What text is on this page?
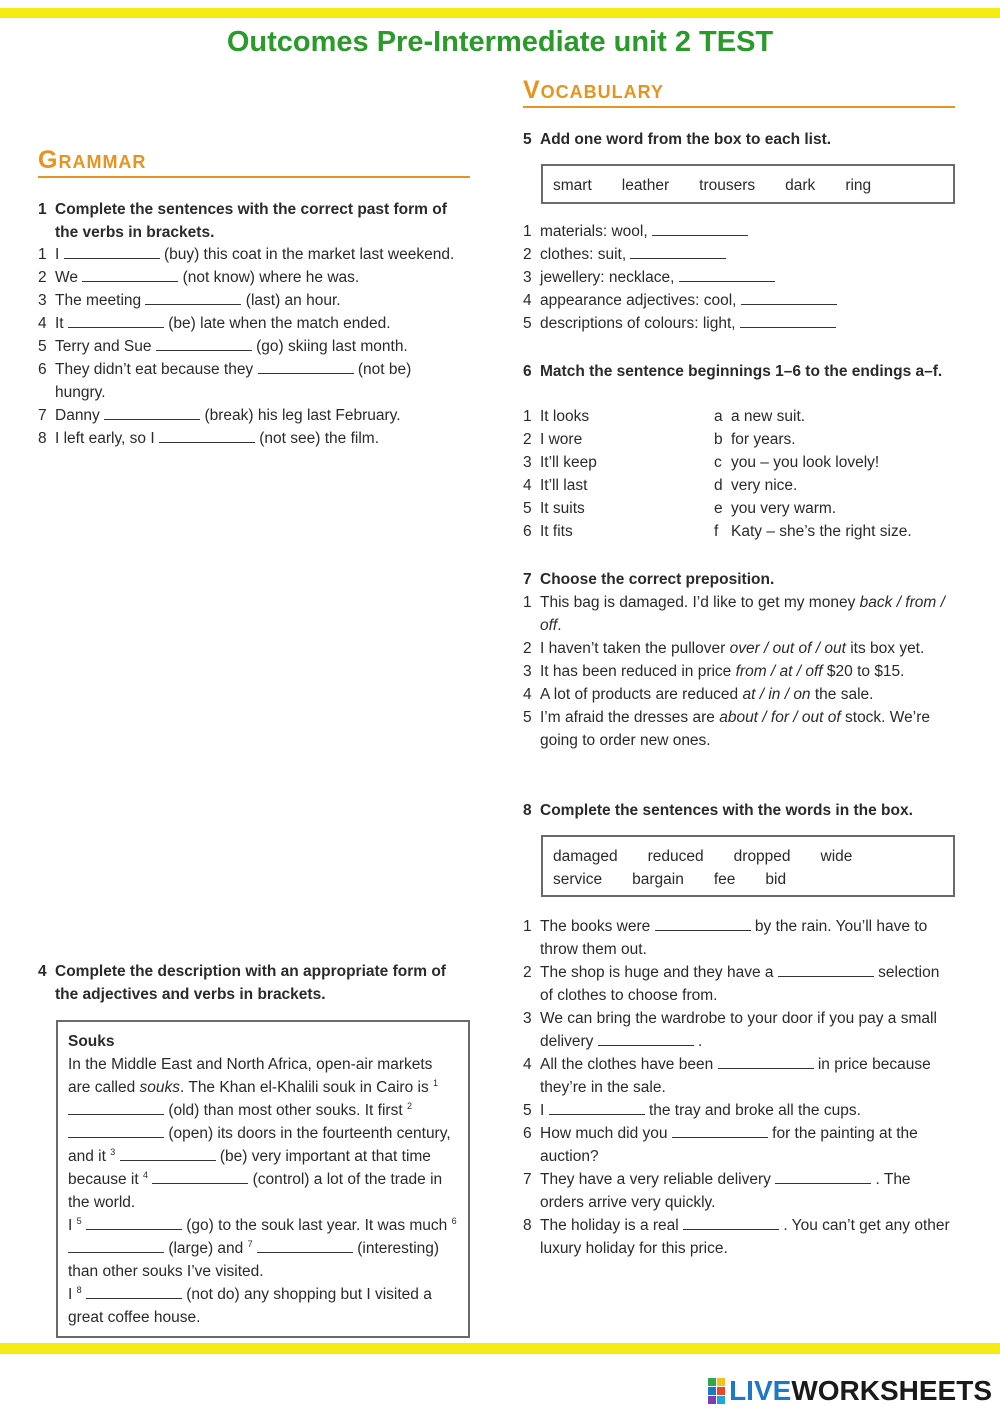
Outcomes Pre-Intermediate unit 2 TEST
Grammar
1 Complete the sentences with the correct past form of the verbs in brackets.
1 I	(buy) this coat in the market last weekend.
2 We	(not know) where he was.
3 The meeting	(last) an hour.
4 It	(be) late when the match ended.
5 Terry and Sue	(go) skiing last month.
6 They didn’t eat because they	(not be) hungry.
7 Danny	(break) his leg last February.
8 I left early, so I	(not see) the film.
4 Complete the description with an appropriate form of the adjectives and verbs in brackets.
Souks
In the Middle East and North Africa, open-air markets are called souks. The Khan el-Khalili souk in Cairo is $^1$  (old) than most other souks. It first $^2$  (open) its doors in the fourteenth century, and it $^3$	(be) very important at that time because it $^4$	(control) a lot of the trade in the world.
I $^5$	(go) to the souk last year. It was much $^6$  (large) and $^7$	(interesting) than other souks I’ve visited.
I $^8$	(not do) any shopping but I visited a great coffee house.
Vocabulary
5 Add one word from the box to each list.
smart leather trousers dark ring
1 materials: wool,
2 clothes: suit,
3 jewellery: necklace,
4 appearance adjectives: cool,
5 descriptions of colours: light,
6 Match the sentence beginnings 1–6 to the endings a–f.
1 It looks	a a new suit.
2 I wore	b for years.
3 It’ll keep	c you – you look lovely!
4 It’ll last	d very nice.
5 It suits	e you very warm.
6 It fits	f Katy – she’s the right size.
7 Choose the correct preposition.
1 This bag is damaged. I’d like to get my money back / from / off.
2 I haven’t taken the pullover over / out of / out its box yet.
3 It has been reduced in price from / at / off $20 to $15.
4 A lot of products are reduced at / in / on the sale.
5 I’m afraid the dresses are about / for / out of stock. We’re going to order new ones.
8 Complete the sentences with the words in the box.
damaged reduced dropped wide
service bargain fee bid
1 The books were	by the rain. You’ll have to throw them out.
2 The shop is huge and they have a	selection of clothes to choose from.
3 We can bring the wardrobe to your door if you pay a small delivery	.
4 All the clothes have been	in price because they’re in the sale.
5 I	the tray and broke all the cups.
6 How much did you	for the painting at the auction?
7 They have a very reliable delivery	. The orders arrive very quickly.
8 The holiday is a real	. You can’t get any other luxury holiday for this price.
LIVEWORKSHEETS
